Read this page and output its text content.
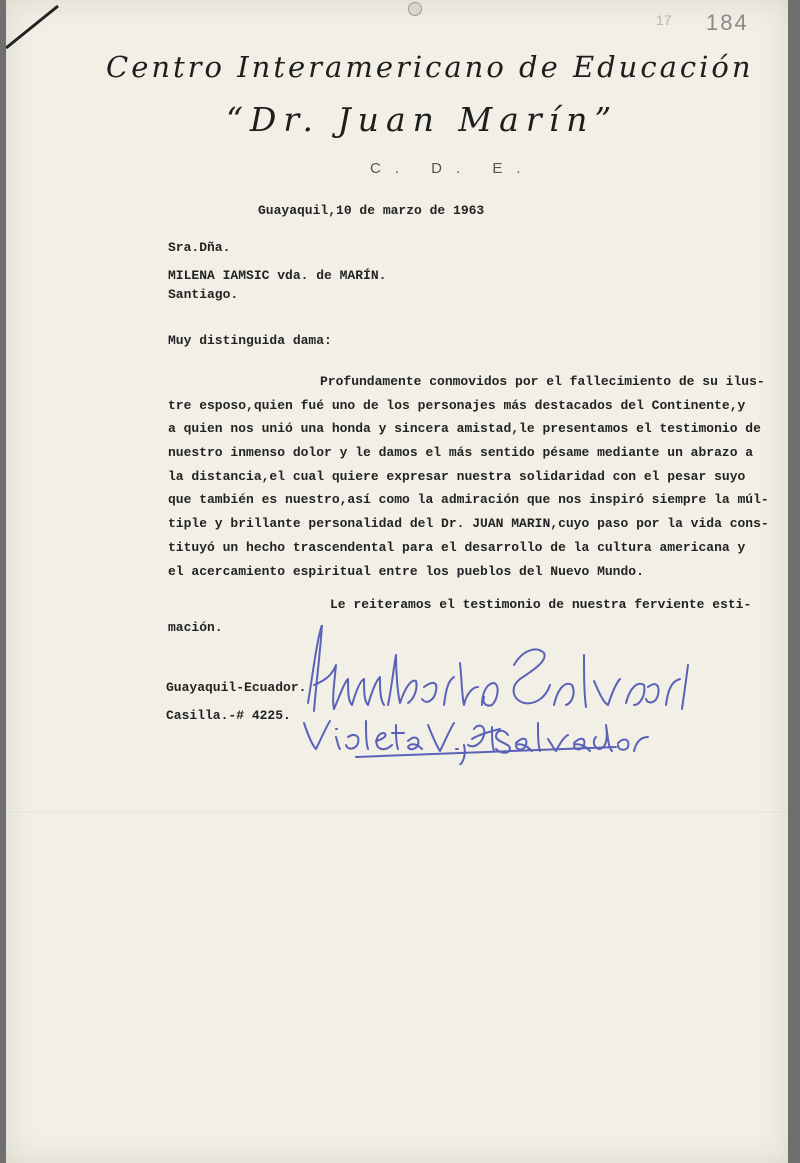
17 184
Centro Interamericano de Educación
“Dr. Juan Marín”
C. D. E.
Guayaquil,10 de marzo de 1963
Sra.Dña.
MILENA IAMSIC vda. de MARÍN.
Santiago.
Muy distinguida dama:
Profundamente conmovidos por el fallecimiento de su ilus-
tre esposo,quien fué uno de los personajes más destacados del Continente,y
a quien nos unió una honda y sincera amistad,le presentamos el testimonio de
nuestro inmenso dolor y le damos el más sentido pésame mediante un abrazo a
la distancia,el cual quiere expresar nuestra solidaridad con el pesar suyo
que también es nuestro,así como la admiración que nos inspiró siempre la múl-
tiple y brillante personalidad del Dr. JUAN MARIN,cuyo paso por la vida cons-
tituyó un hecho trascendental para el desarrollo de la cultura americana y
el acercamiento espiritual entre los pueblos del Nuevo Mundo.
Le reiteramos el testimonio de nuestra ferviente esti-
mación.
Guayaquil-Ecuador.
Casilla.-# 4225.
